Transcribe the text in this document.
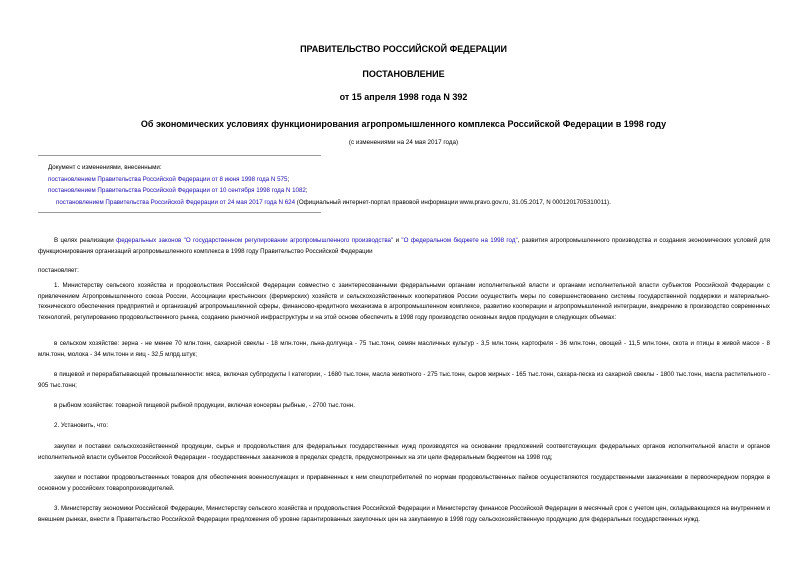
ПРАВИТЕЛЬСТВО РОССИЙСКОЙ ФЕДЕРАЦИИ
ПОСТАНОВЛЕНИЕ
от 15 апреля 1998 года N 392
Об экономических условиях функционирования агропромышленного комплекса Российской Федерации в 1998 году
(с изменениями на 24 мая 2017 года)
Документ с изменениями, внесенными:
постановлением Правительства Российской Федерации от 8 июня 1998 года N 575;
постановлением Правительства Российской Федерации от 10 сентября 1998 года N 1082;
постановлением Правительства Российской Федерации от 24 мая 2017 года N 624 (Официальный интернет-портал правовой информации www.pravo.gov.ru, 31.05.2017, N 0001201705310011).
В целях реализации федеральных законов "О государственном регулировании агропромышленного производства" и "О федеральном бюджете на 1998 год", развития агропромышленного производства и создания экономических условий для функционирования организаций агропромышленного комплекса в 1998 году Правительство Российской Федерации
постановляет:
1. Министерству сельского хозяйства и продовольствия Российской Федерации совместно с заинтересованными федеральными органами исполнительной власти и органами исполнительной власти субъектов Российской Федерации с привлечением Агропромышленного союза России, Ассоциации крестьянских (фермерских) хозяйств и сельскохозяйственных кооперативов России осуществить меры по совершенствованию системы государственной поддержки и материально-технического обеспечения предприятий и организаций агропромышленной сферы, финансово-кредитного механизма в агропромышленном комплексе, развитию кооперации и агропромышленной интеграции, внедрению в производство современных технологий, регулированию продовольственного рынка, созданию рыночной инфраструктуры и на этой основе обеспечить в 1998 году производство основных видов продукции в следующих объемах:
в сельском хозяйстве: зерна - не менее 70 млн.тонн, сахарной свеклы - 18 млн.тонн, льна-долгунца - 75 тыс.тонн, семян масличных культур - 3,5 млн.тонн, картофеля - 36 млн.тонн, овощей - 11,5 млн.тонн, скота и птицы в живой массе - 8 млн.тонн, молока - 34 млн.тонн и яиц - 32,5 млрд.штук;
в пищевой и перерабатывающей промышленности: мяса, включая субпродукты I категории, - 1680 тыс.тонн, масла животного - 275 тыс.тонн, сыров жирных - 165 тыс.тонн, сахара-песка из сахарной свеклы - 1800 тыс.тонн, масла растительного - 905 тыс.тонн;
в рыбном хозяйстве: товарной пищевой рыбной продукции, включая консервы рыбные, - 2700 тыс.тонн.
2. Установить, что:
закупки и поставки сельскохозяйственной продукции, сырья и продовольствия для федеральных государственных нужд производятся на основании предложений соответствующих федеральных органов исполнительной власти и органов исполнительной власти субъектов Российской Федерации - государственных заказчиков в пределах средств, предусмотренных на эти цели федеральным бюджетом на 1998 год;
закупки и поставки продовольственных товаров для обеспечения военнослужащих и приравненных к ним спецпотребителей по нормам продовольственных пайков осуществляются государственными заказчиками в первоочередном порядке в основном у российских товаропроизводителей.
3. Министерству экономики Российской Федерации, Министерству сельского хозяйства и продовольствия Российской Федерации и Министерству финансов Российской Федерации в месячный срок с учетом цен, складывающихся на внутреннем и внешнем рынках, внести в Правительство Российской Федерации предложения об уровне гарантированных закупочных цен на закупаемую в 1998 году сельскохозяйственную продукцию для федеральных государственных нужд.
